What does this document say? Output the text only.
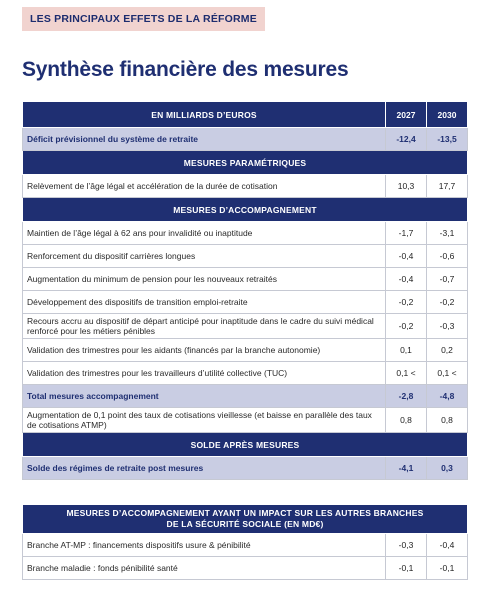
LES PRINCIPAUX EFFETS DE LA RÉFORME
Synthèse financière des mesures
EN MILLIARDS D’EUROS	2027	2030
Déficit prévisionnel du système de retraite	-12,4	-13,5
MESURES PARAMÉTRIQUES		
Relèvement de l’âge légal et accélération de la durée de cotisation	10,3	17,7
MESURES D’ACCOMPAGNEMENT		
Maintien de l’âge légal à 62 ans pour invalidité ou inaptitude	-1,7	-3,1
Renforcement du dispositif carrières longues	-0,4	-0,6
Augmentation du minimum de pension pour les nouveaux retraités	-0,4	-0,7
Développement des dispositifs de transition emploi-retraite	-0,2	-0,2
Recours accru au dispositif de départ anticipé pour inaptitude dans le cadre du suivi médical renforcé pour les métiers pénibles	-0,2	-0,3
Validation des trimestres pour les aidants (financés par la branche autonomie)	0,1	0,2
Validation des trimestres pour les travailleurs d’utilité collective (TUC)	0,1 <	0,1 <
Total mesures accompagnement	-2,8	-4,8
Augmentation de 0,1 point des taux de cotisations vieillesse (et baisse en parallèle des taux de cotisations ATMP)	0,8	0,8
SOLDE APRÈS MESURES		
Solde des régimes de retraite post mesures	-4,1	0,3

MESURES D’ACCOMPAGNEMENT AYANT UN IMPACT SUR LES AUTRES BRANCHES
DE LA SÉCURITÉ SOCIALE (EN MD€)		

Branche AT-MP : financements dispositifs usure & pénibilité	-0,3	-0,4
Branche maladie : fonds pénibilité santé	-0,1	-0,1
